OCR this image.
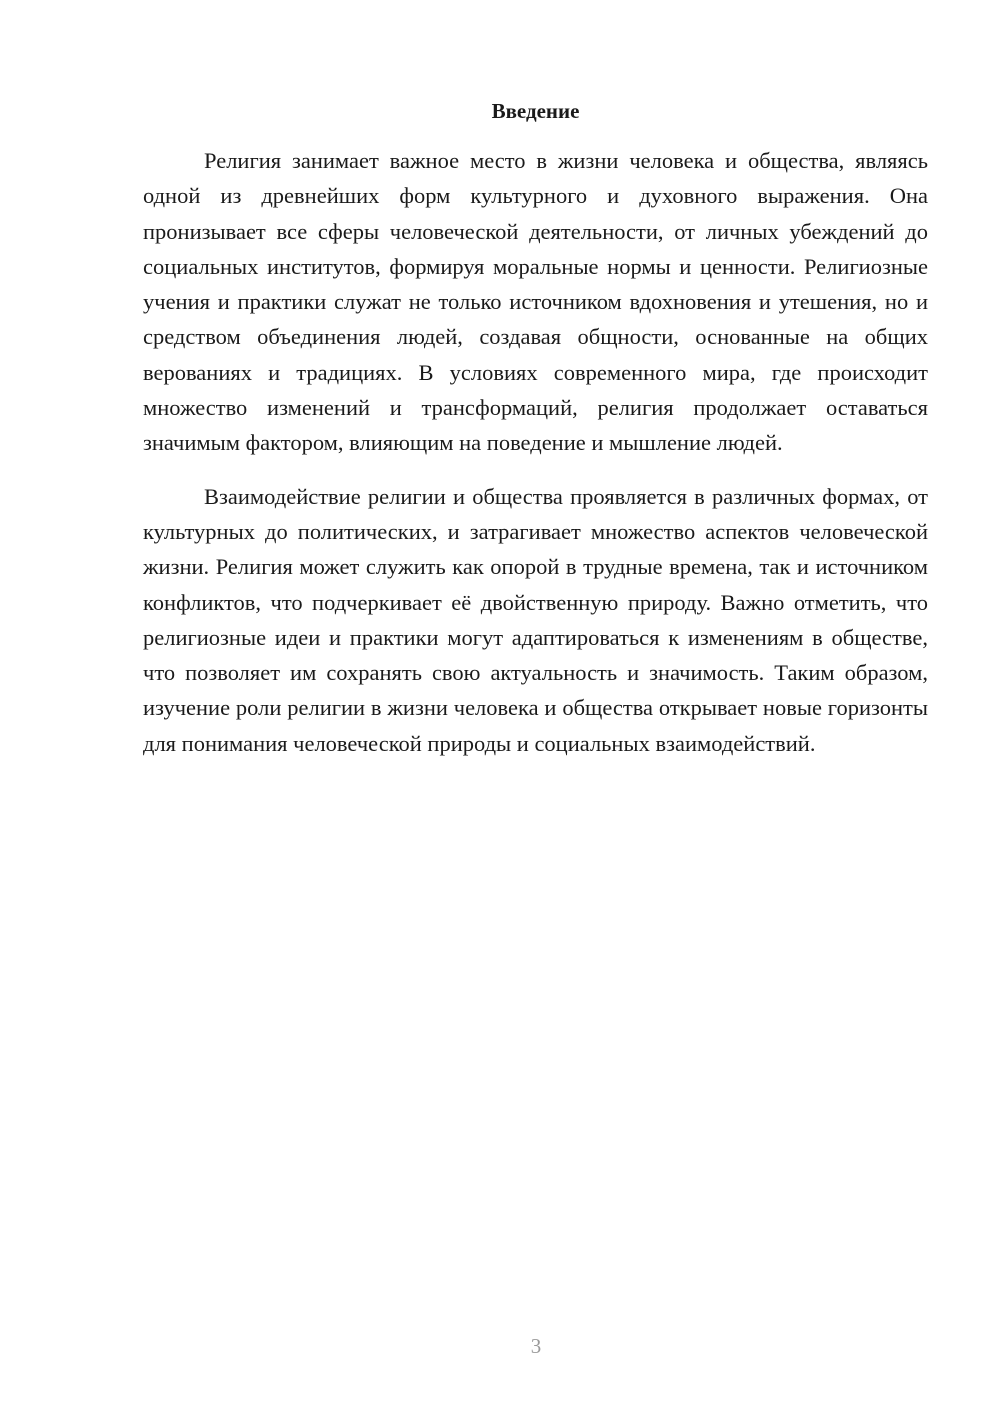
Введение

Религия занимает важное место в жизни человека и общества, являясь одной из древнейших форм культурного и духовного выражения. Она пронизывает все сферы человеческой деятельности, от личных убеждений до социальных институтов, формируя моральные нормы и ценности. Религиозные учения и практики служат не только источником вдохновения и утешения, но и средством объединения людей, создавая общности, основанные на общих верованиях и традициях. В условиях современного мира, где происходит множество изменений и трансформаций, религия продолжает оставаться значимым фактором, влияющим на поведение и мышление людей.

Взаимодействие религии и общества проявляется в различных формах, от культурных до политических, и затрагивает множество аспектов человеческой жизни. Религия может служить как опорой в трудные времена, так и источником конфликтов, что подчеркивает её двойственную природу. Важно отметить, что религиозные идеи и практики могут адаптироваться к изменениям в обществе, что позволяет им сохранять свою актуальность и значимость. Таким образом, изучение роли религии в жизни человека и общества открывает новые горизонты для понимания человеческой природы и социальных взаимодействий.

3
